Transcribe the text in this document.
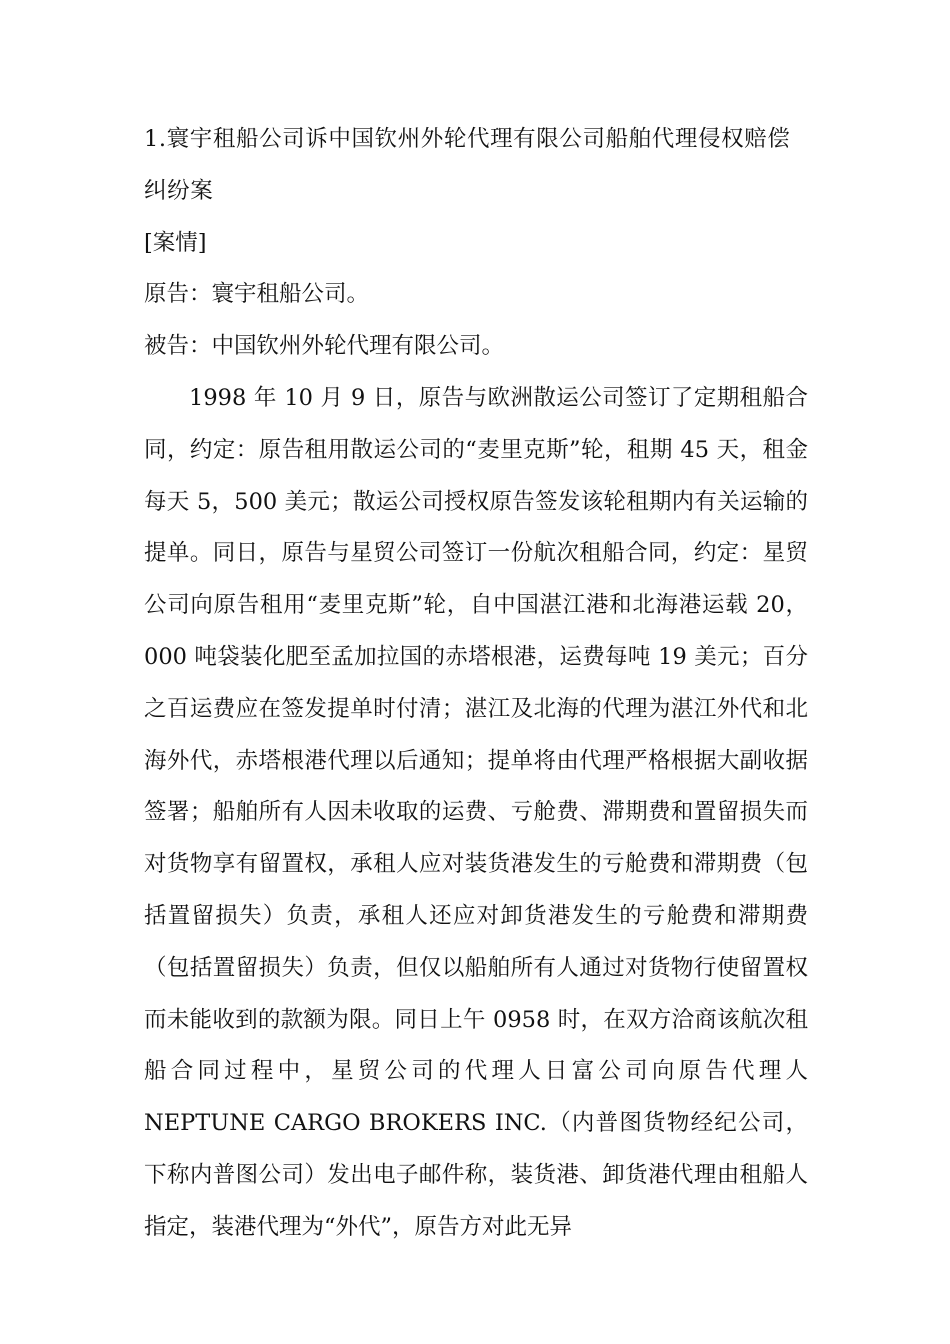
1.寰宇租船公司诉中国钦州外轮代理有限公司船舶代理侵权赔偿纠纷案

[案情]

原告：寰宇租船公司。

被告：中国钦州外轮代理有限公司。

1998 年 10 月 9 日，原告与欧洲散运公司签订了定期租船合同，约定：原告租用散运公司的“麦里克斯”轮，租期 45 天，租金每天 5，500 美元；散运公司授权原告签发该轮租期内有关运输的提单。同日，原告与星贸公司签订一份航次租船合同，约定：星贸公司向原告租用“麦里克斯”轮，自中国湛江港和北海港运载 20，000 吨袋装化肥至孟加拉国的赤塔根港，运费每吨 19 美元；百分之百运费应在签发提单时付清；湛江及北海的代理为湛江外代和北海外代，赤塔根港代理以后通知；提单将由代理严格根据大副收据签署；船舶所有人因未收取的运费、亏舱费、滞期费和置留损失而对货物享有留置权，承租人应对装货港发生的亏舱费和滞期费（包括置留损失）负责，承租人还应对卸货港发生的亏舱费和滞期费（包括置留损失）负责，但仅以船舶所有人通过对货物行使留置权而未能收到的款额为限。同日上午 0958 时，在双方洽商该航次租船合同过程中，星贸公司的代理人日富公司向原告代理人 NEPTUNE CARGO BROKERS INC.（内普图货物经纪公司，下称内普图公司）发出电子邮件称，装货港、卸货港代理由租船人指定，装港代理为“外代”，原告方对此无异
